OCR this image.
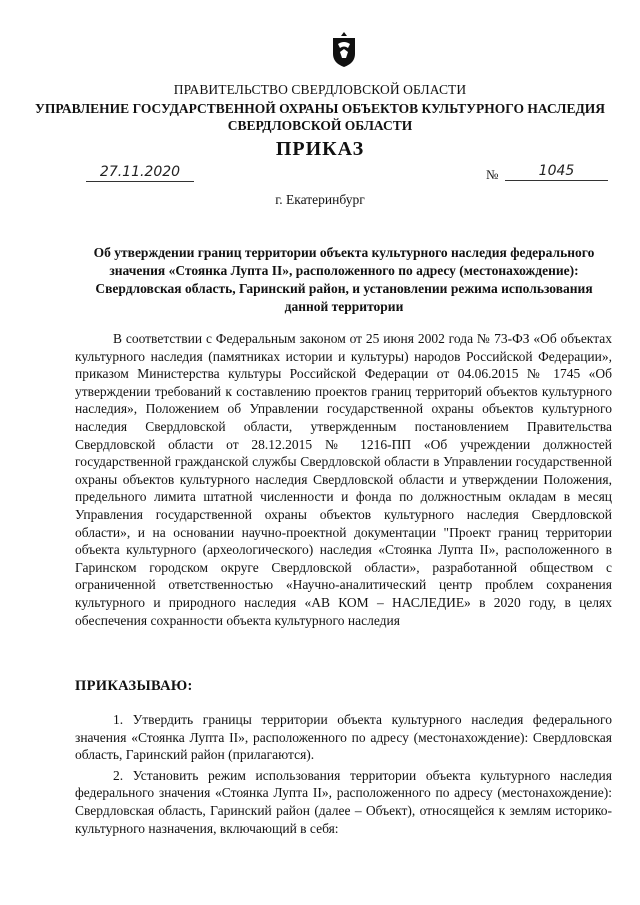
ПРАВИТЕЛЬСТВО СВЕРДЛОВСКОЙ ОБЛАСТИ
УПРАВЛЕНИЕ ГОСУДАРСТВЕННОЙ ОХРАНЫ ОБЪЕКТОВ КУЛЬТУРНОГО НАСЛЕДИЯ СВЕРДЛОВСКОЙ ОБЛАСТИ
ПРИКАЗ
27.11.2020	№	1045
г. Екатеринбург
Об утверждении границ территории объекта культурного наследия федерального значения «Стоянка Лупта II», расположенного по адресу (местонахождение): Свердловская область, Гаринский район, и установлении режима использования данной территории

В соответствии с Федеральным законом от 25 июня 2002 года № 73-ФЗ «Об объектах культурного наследия (памятниках истории и культуры) народов Российской Федерации», приказом Министерства культуры Российской Федерации от 04.06.2015 № 1745 «Об утверждении требований к составлению проектов границ территорий объектов культурного наследия», Положением об Управлении государственной охраны объектов культурного наследия Свердловской области, утвержденным постановлением Правительства Свердловской области от 28.12.2015 № 1216-ПП «Об учреждении должностей государственной гражданской службы Свердловской области в Управлении государственной охраны объектов культурного наследия Свердловской области и утверждении Положения, предельного лимита штатной численности и фонда по должностным окладам в месяц Управления государственной охраны объектов культурного наследия Свердловской области», и на основании научно-проектной документации "Проект границ территории объекта культурного (археологического) наследия «Стоянка Лупта II», расположенного в Гаринском городском округе Свердловской области», разработанной обществом с ограниченной ответственностью «Научно-аналитический центр проблем сохранения культурного и природного наследия «АВ КОМ – НАСЛЕДИЕ» в 2020 году, в целях обеспечения сохранности объекта культурного наследия

ПРИКАЗЫВАЮ:

1. Утвердить границы территории объекта культурного наследия федерального значения «Стоянка Лупта II», расположенного по адресу (местонахождение): Свердловская область, Гаринский район (прилагаются).

2. Установить режим использования территории объекта культурного наследия федерального значения «Стоянка Лупта II», расположенного по адресу (местонахождение): Свердловская область, Гаринский район (далее – Объект), относящейся к землям историко-культурного назначения, включающий в себя:
